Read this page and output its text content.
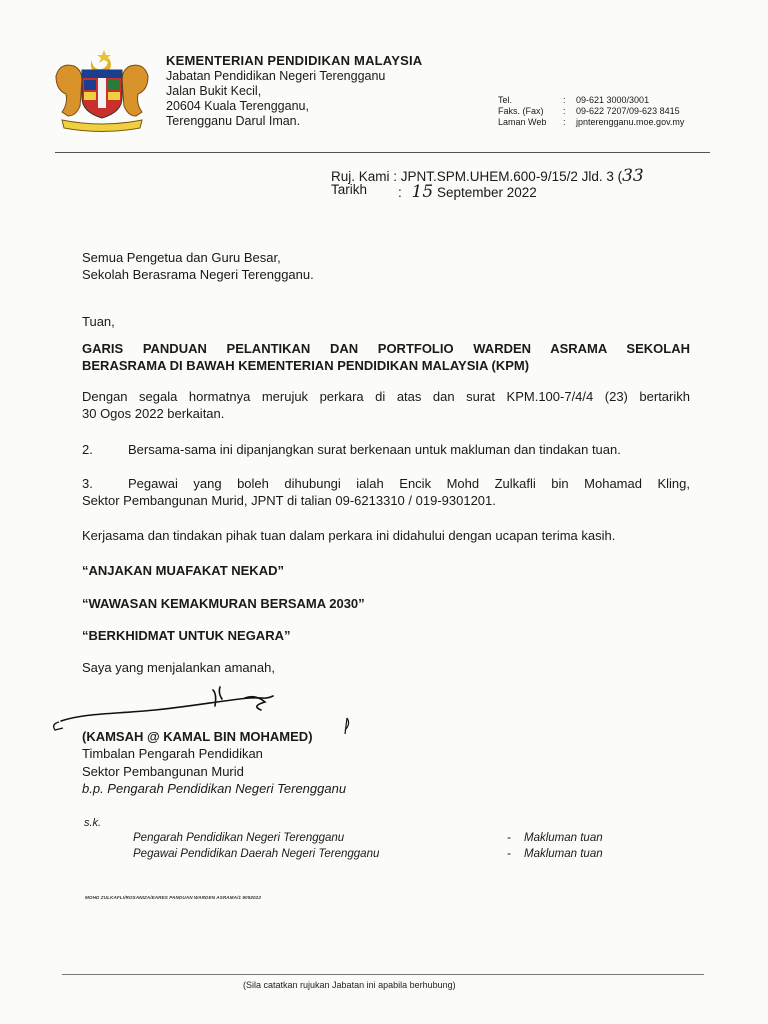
KEMENTERIAN PENDIDIKAN MALAYSIA
Jabatan Pendidikan Negeri Terengganu
Jalan Bukit Kecil,
20604 Kuala Terengganu,
Terengganu Darul Iman.
Tel.	: 09-621 3000/3001
Faks. (Fax) : 09-622 7207/09-623 8415
Laman Web : jpnterengganu.moe.gov.my
Ruj. Kami : JPNT.SPM.UHEM.600-9/15/2 Jld. 3 (33
Tarikh : 15 September 2022
Semua Pengetua dan Guru Besar,
Sekolah Berasrama Negeri Terengganu.
Tuan,
GARIS PANDUAN PELANTIKAN DAN PORTFOLIO WARDEN ASRAMA SEKOLAH
BERASRAMA DI BAWAH KEMENTERIAN PENDIDIKAN MALAYSIA (KPM)
Dengan segala hormatnya merujuk perkara di atas dan surat KPM.100-7/4/4 (23) bertarikh
30 Ogos 2022 berkaitan.
2.	Bersama-sama ini dipanjangkan surat berkenaan untuk makluman dan tindakan tuan.
3.	Pegawai yang boleh dihubungi ialah Encik Mohd Zulkafli bin Mohamad Kling,
Sektor Pembangunan Murid, JPNT di talian 09-6213310 / 019-9301201.
Kerjasama dan tindakan pihak tuan dalam perkara ini didahului dengan ucapan terima kasih.
“ANJAKAN MUAFAKAT NEKAD”
“WAWASAN KEMAKMURAN BERSAMA 2030”
“BERKHIDMAT UNTUK NEGARA”
Saya yang menjalankan amanah,
(KAMSAH @ KAMAL BIN MOHAMED)
Timbalan Pengarah Pendidikan
Sektor Pembangunan Murid
b.p. Pengarah Pendidikan Negeri Terengganu
s.k.
Pengarah Pendidikan Negeri Terengganu	- Makluman tuan
Pegawai Pendidikan Daerah Negeri Terengganu	- Makluman tuan
MOHD ZULKAFLI/ROSANIZA/EARES PANDUAN WARDEN ASRAMA/1 9092022
(Sila catatkan rujukan Jabatan ini apabila berhubung)
